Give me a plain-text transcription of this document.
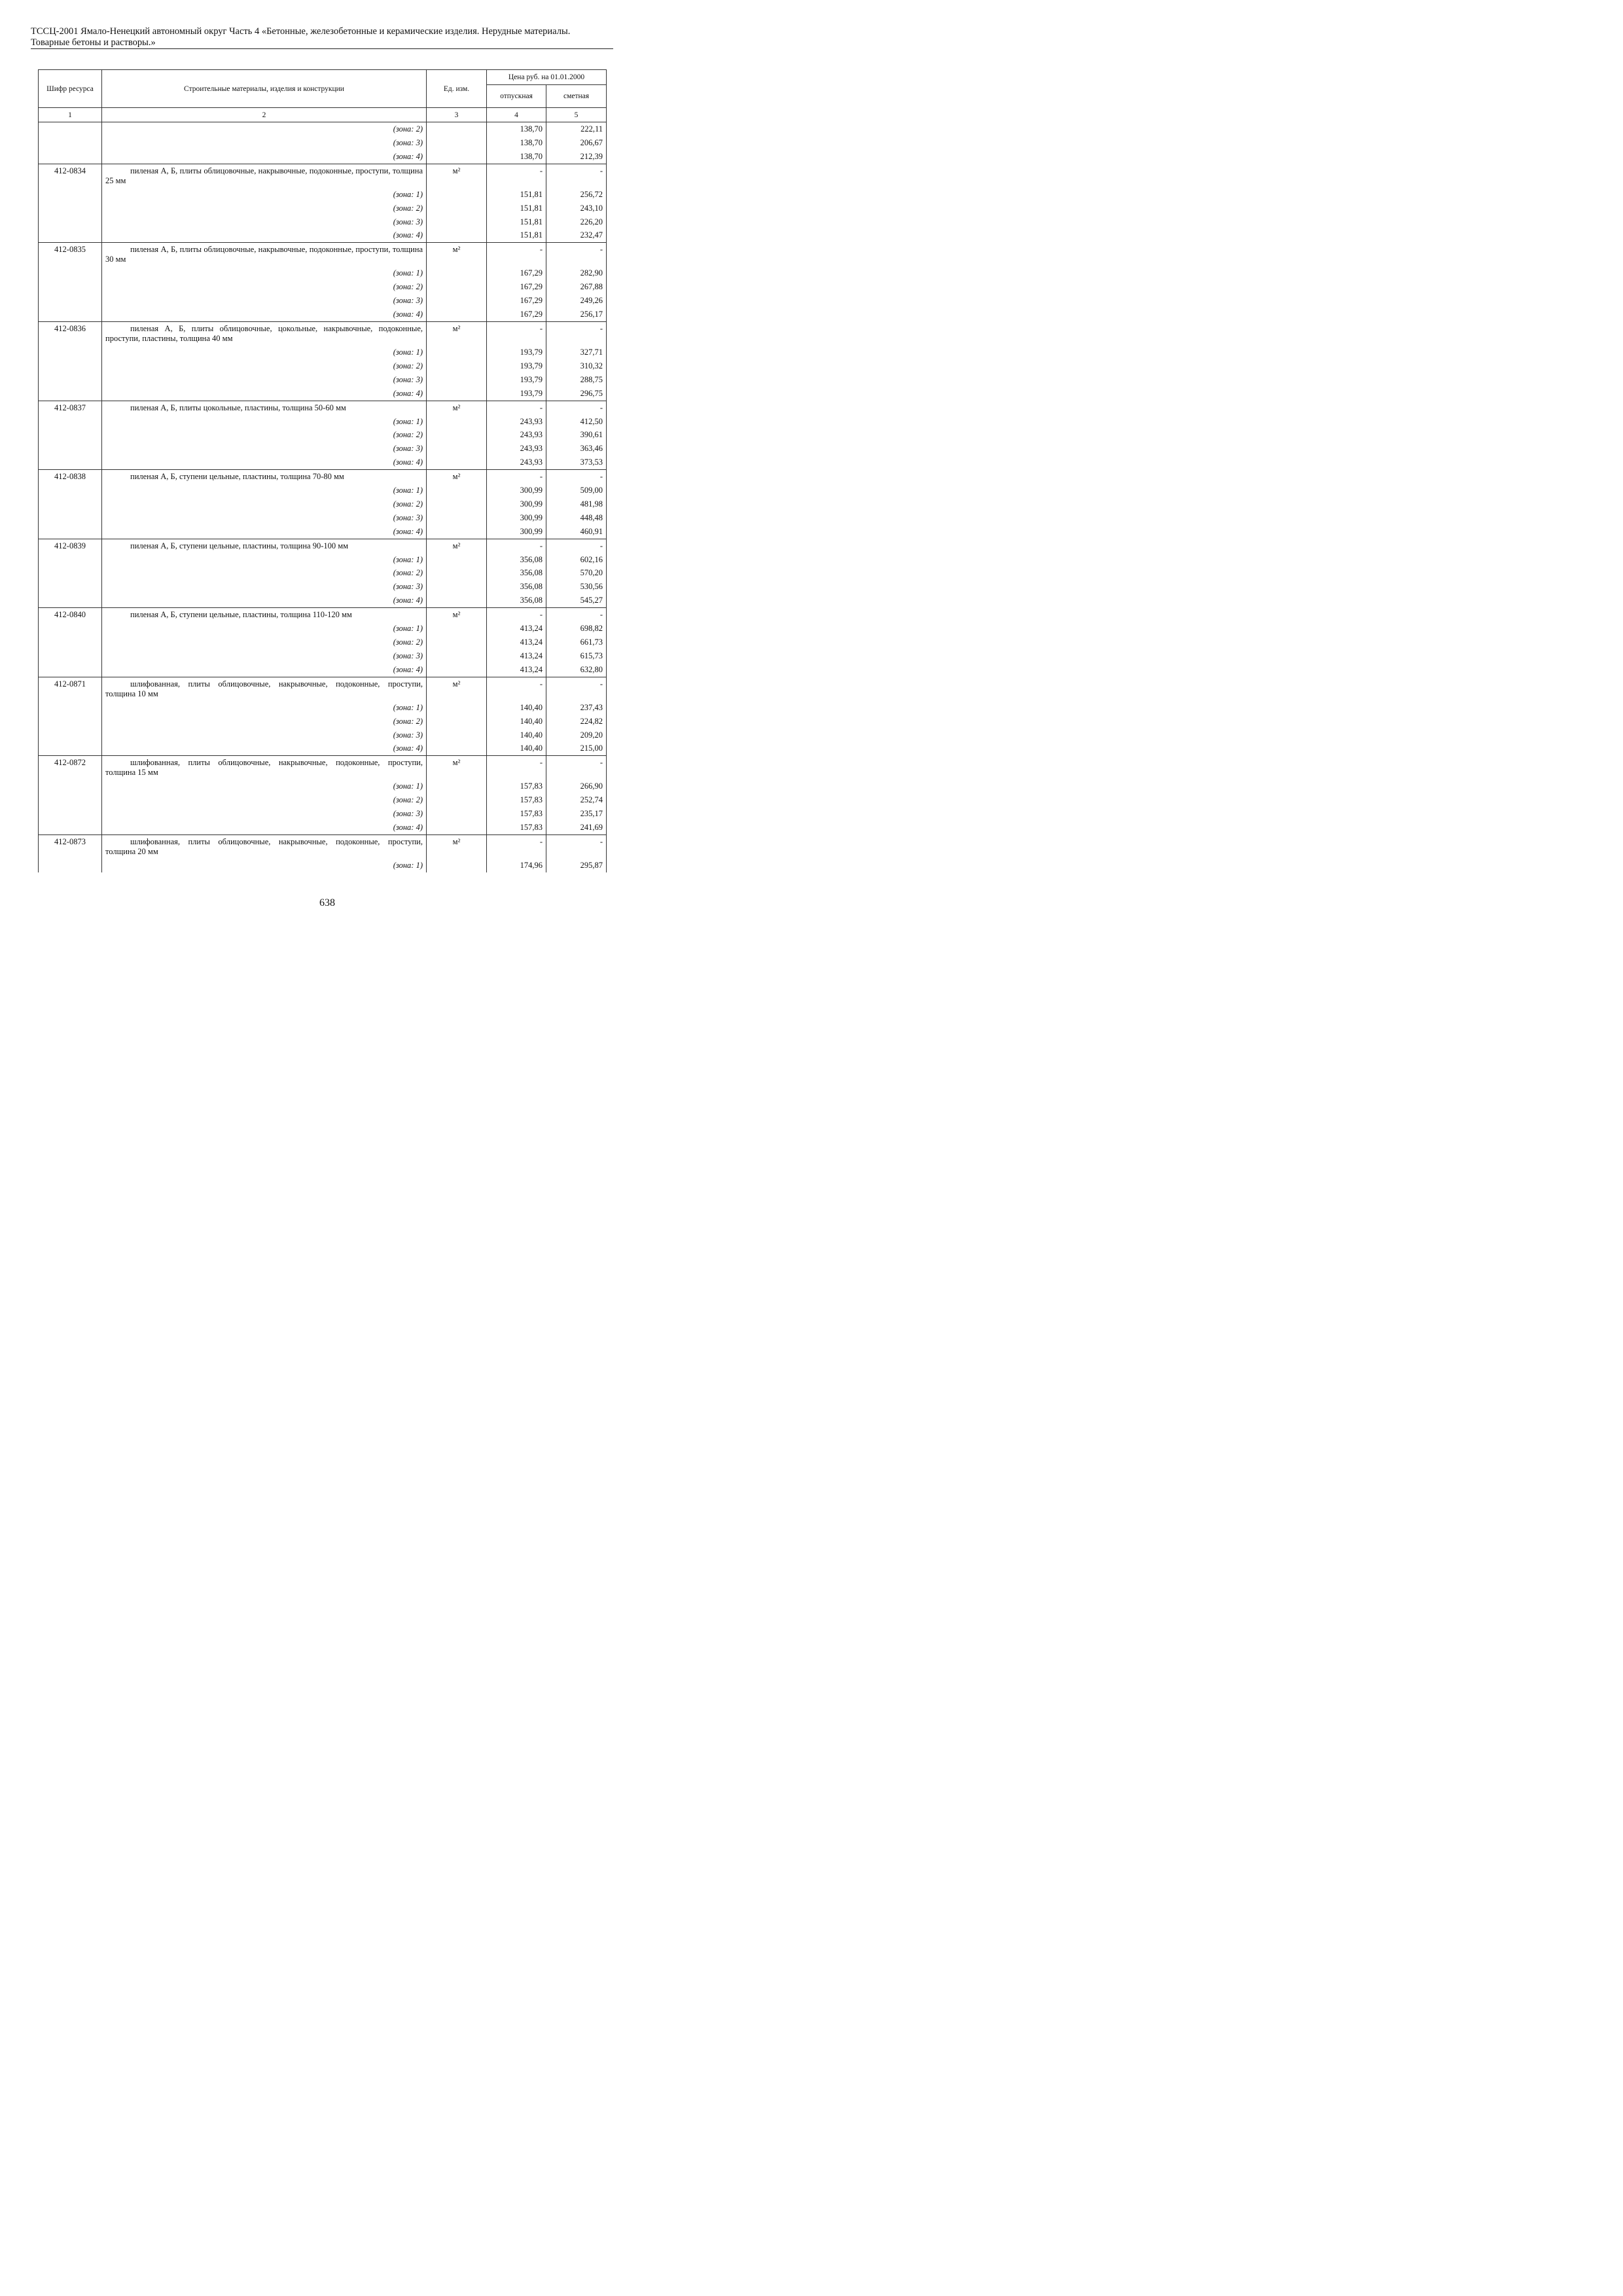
ТССЦ-2001 Ямало-Ненецкий автономный округ Часть 4 «Бетонные, железобетонные и керамические изделия. Нерудные материалы.
Товарные бетоны и растворы.»
Шифр ресурса	Строительные материалы, изделия и конструкции	Ед. изм.	Цена руб. на 01.01.2000	
			отпускная	сметная
1	2	3	4	5
	(зона: 2)		138,70	222,11
	(зона: 3)		138,70	206,67
	(зона: 4)		138,70	212,39
412-0834	пиленая А, Б, плиты облицовочные, накрывочные, подоконные, проступи, толщина 25 мм	м²	-	-
	(зона: 1)		151,81	256,72
	(зона: 2)		151,81	243,10
	(зона: 3)		151,81	226,20
	(зона: 4)		151,81	232,47
412-0835	пиленая А, Б, плиты облицовочные, накрывочные, подоконные, проступи, толщина 30 мм	м²	-	-
	(зона: 1)		167,29	282,90
	(зона: 2)		167,29	267,88
	(зона: 3)		167,29	249,26
	(зона: 4)		167,29	256,17
412-0836	пиленая А, Б, плиты облицовочные, цокольные, накрывочные, подоконные, проступи, пластины, толщина 40 мм	м²	-	-
	(зона: 1)		193,79	327,71
	(зона: 2)		193,79	310,32
	(зона: 3)		193,79	288,75
	(зона: 4)		193,79	296,75
412-0837	пиленая А, Б, плиты цокольные, пластины, толщина 50-60 мм	м²	-	-
	(зона: 1)		243,93	412,50
	(зона: 2)		243,93	390,61
	(зона: 3)		243,93	363,46
	(зона: 4)		243,93	373,53
412-0838	пиленая А, Б, ступени цельные, пластины, толщина 70-80 мм	м²	-	-
	(зона: 1)		300,99	509,00
	(зона: 2)		300,99	481,98
	(зона: 3)		300,99	448,48
	(зона: 4)		300,99	460,91
412-0839	пиленая А, Б, ступени цельные, пластины, толщина 90-100 мм	м²	-	-
	(зона: 1)		356,08	602,16
	(зона: 2)		356,08	570,20
	(зона: 3)		356,08	530,56
	(зона: 4)		356,08	545,27
412-0840	пиленая А, Б, ступени цельные, пластины, толщина 110-120 мм	м²	-	-
	(зона: 1)		413,24	698,82
	(зона: 2)		413,24	661,73
	(зона: 3)		413,24	615,73
	(зона: 4)		413,24	632,80
412-0871	шлифованная, плиты облицовочные, накрывочные, подоконные, проступи, толщина 10 мм	м²	-	-
	(зона: 1)		140,40	237,43
	(зона: 2)		140,40	224,82
	(зона: 3)		140,40	209,20
	(зона: 4)		140,40	215,00
412-0872	шлифованная, плиты облицовочные, накрывочные, подоконные, проступи, толщина 15 мм	м²	-	-
	(зона: 1)		157,83	266,90
	(зона: 2)		157,83	252,74
	(зона: 3)		157,83	235,17
	(зона: 4)		157,83	241,69
412-0873	шлифованная, плиты облицовочные, накрывочные, подоконные, проступи, толщина 20 мм	м²	-	-
	(зона: 1)		174,96	295,87
638
